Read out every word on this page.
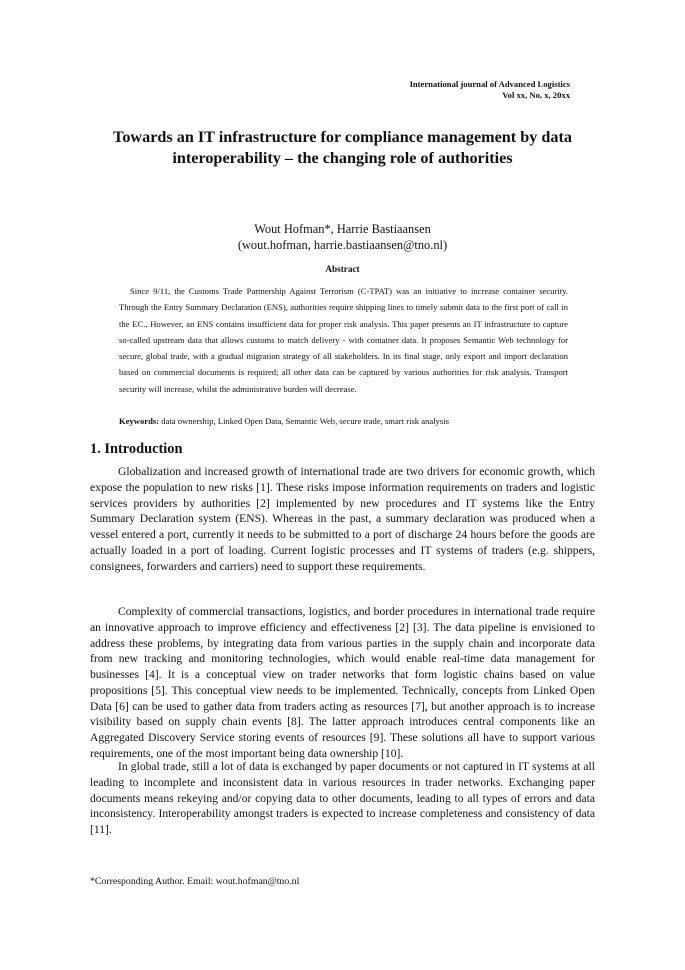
International journal of Advanced Logistics
Vol xx, No, x, 20xx
Towards an IT infrastructure for compliance management by data interoperability – the changing role of authorities
Wout Hofman*, Harrie Bastiaansen
(wout.hofman, harrie.bastiaansen@tno.nl)
Abstract

Since 9/11, the Customs Trade Partnership Against Terrorism (C-TPAT) was an initiative to increase container security. Through the Entry Summary Declaration (ENS), authorities require shipping lines to timely submit data to the first port of call in the EC.. However, an ENS contains insufficient data for proper risk analysis. This paper presents an IT infrastructure to capture so-called upstream data that allows customs to match delivery - with container data. It proposes Semantic Web technology for secure, global trade, with a gradual migration strategy of all stakeholders. In its final stage, only export and import declaration based on commercial documents is required; all other data can be captured by various authorities for risk analysis. Transport security will increase, whilst the administrative burden will decrease.

Keywords: data ownership, Linked Open Data, Semantic Web, secure trade, smart risk analysis
1. Introduction

Globalization and increased growth of international trade are two drivers for economic growth, which expose the population to new risks [1]. These risks impose information requirements on traders and logistic services providers by authorities [2] implemented by new procedures and IT systems like the Entry Summary Declaration system (ENS). Whereas in the past, a summary declaration was produced when a vessel entered a port, currently it needs to be submitted to a port of discharge 24 hours before the goods are actually loaded in a port of loading. Current logistic processes and IT systems of traders (e.g. shippers, consignees, forwarders and carriers) need to support these requirements.

Complexity of commercial transactions, logistics, and border procedures in international trade require an innovative approach to improve efficiency and effectiveness [2] [3]. The data pipeline is envisioned to address these problems, by integrating data from various parties in the supply chain and incorporate data from new tracking and monitoring technologies, which would enable real-time data management for businesses [4]. It is a conceptual view on trader networks that form logistic chains based on value propositions [5]. This conceptual view needs to be implemented. Technically, concepts from Linked Open Data [6] can be used to gather data from traders acting as resources [7], but another approach is to increase visibility based on supply chain events [8]. The latter approach introduces central components like an Aggregated Discovery Service storing events of resources [9]. These solutions all have to support various requirements, one of the most important being data ownership [10].

In global trade, still a lot of data is exchanged by paper documents or not captured in IT systems at all leading to incomplete and inconsistent data in various resources in trader networks. Exchanging paper documents means rekeying and/or copying data to other documents, leading to all types of errors and data inconsistency. Interoperability amongst traders is expected to increase completeness and consistency of data [11].

*Corresponding Author. Email: wout.hofman@tno.nl
